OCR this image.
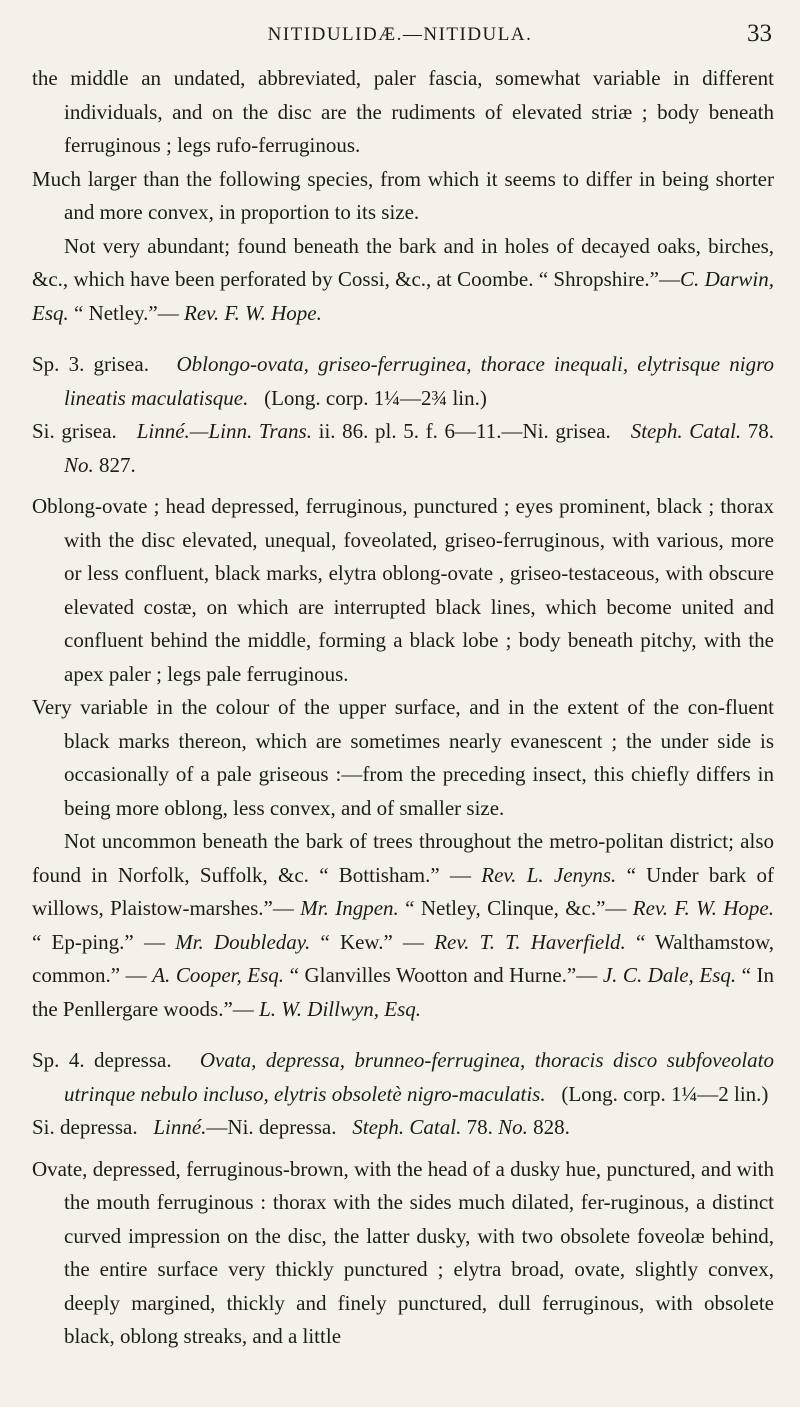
NITIDULIDÆ.—NITIDULA.	33

the middle an undated, abbreviated, paler fascia, somewhat variable in different individuals, and on the disc are the rudiments of elevated striæ ; body beneath ferruginous ; legs rufo-ferruginous.

Much larger than the following species, from which it seems to differ in being shorter and more convex, in proportion to its size.

Not very abundant; found beneath the bark and in holes of decayed oaks, birches, &c., which have been perforated by Cossi, &c., at Coombe. “ Shropshire.”—C. Darwin, Esq. “ Netley.”— Rev. F. W. Hope.

Sp. 3. grisea. Oblongo-ovata, griseo-ferruginea, thorace inequali, elytrisque nigro lineatis maculatisque. (Long. corp. 1¼—2¾ lin.)

Si. grisea. Linné.—Linn. Trans. ii. 86. pl. 5. f. 6—11.—Ni. grisea. Steph. Catal. 78. No. 827.

Oblong-ovate ; head depressed, ferruginous, punctured ; eyes prominent, black ; thorax with the disc elevated, unequal, foveolated, griseo-ferruginous, with various, more or less confluent, black marks, elytra oblong-ovate , griseo-testaceous, with obscure elevated costæ, on which are interrupted black lines, which become united and confluent behind the middle, forming a black lobe ; body beneath pitchy, with the apex paler ; legs pale ferruginous.

Very variable in the colour of the upper surface, and in the extent of the con-fluent black marks thereon, which are sometimes nearly evanescent ; the under side is occasionally of a pale griseous :—from the preceding insect, this chiefly differs in being more oblong, less convex, and of smaller size.

Not uncommon beneath the bark of trees throughout the metro-politan district; also found in Norfolk, Suffolk, &c. “ Bottisham.” — Rev. L. Jenyns. “ Under bark of willows, Plaistow-marshes.”— Mr. Ingpen. “ Netley, Clinque, &c.”— Rev. F. W. Hope. “ Ep-ping.” — Mr. Doubleday. “ Kew.” — Rev. T. T. Haverfield. “ Walthamstow, common.” — A. Cooper, Esq. “ Glanvilles Wootton and Hurne.”— J. C. Dale, Esq. “ In the Penllergare woods.”— L. W. Dillwyn, Esq.

Sp. 4. depressa. Ovata, depressa, brunneo-ferruginea, thoracis disco subfoveolato utrinque nebulo incluso, elytris obsoletè nigro-maculatis. (Long. corp. 1¼—2 lin.)

Si. depressa. Linné.—Ni. depressa. Steph. Catal. 78. No. 828.

Ovate, depressed, ferruginous-brown, with the head of a dusky hue, punctured, and with the mouth ferruginous : thorax with the sides much dilated, fer-ruginous, a distinct curved impression on the disc, the latter dusky, with two obsolete foveolæ behind, the entire surface very thickly punctured ; elytra broad, ovate, slightly convex, deeply margined, thickly and finely punctured, dull ferruginous, with obsolete black, oblong streaks, and a little
